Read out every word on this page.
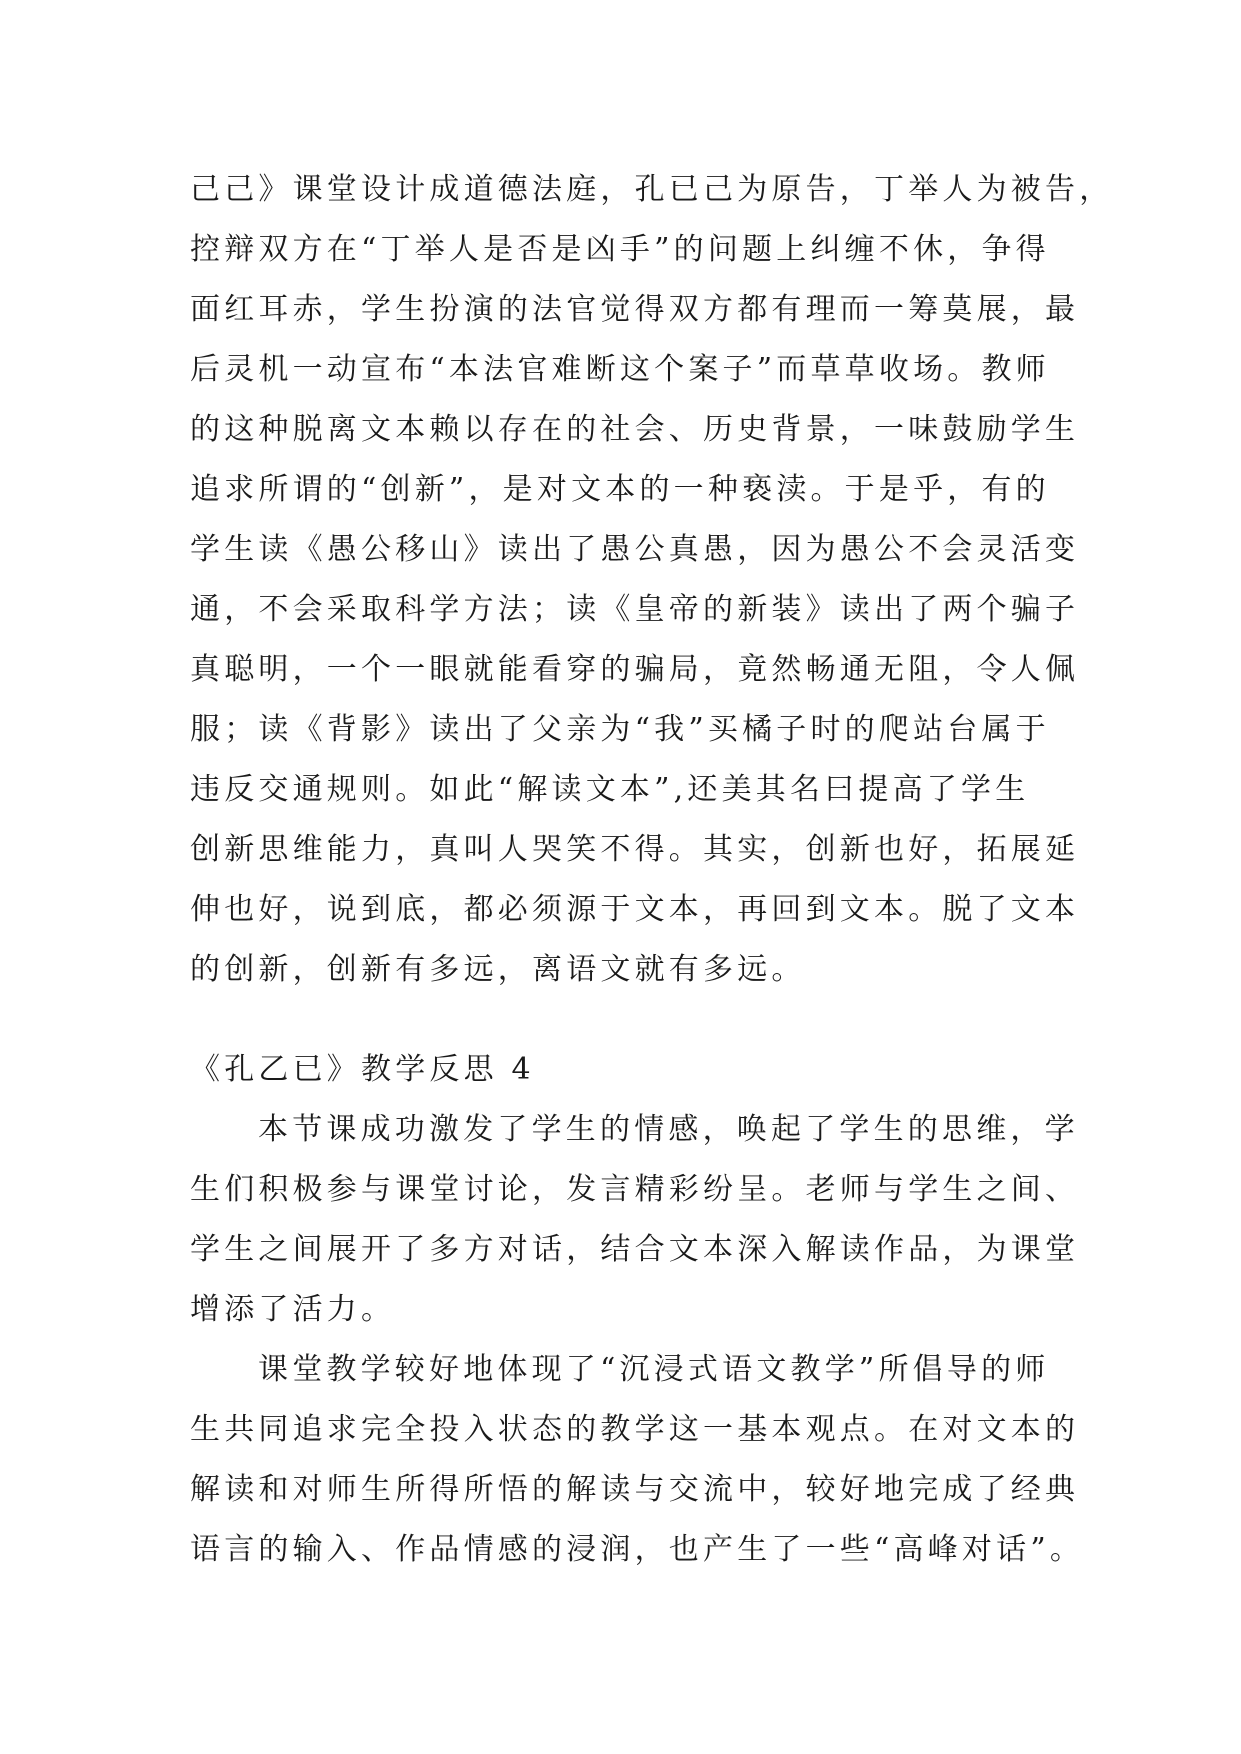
己己》课堂设计成道德法庭，孔已己为原告，丁举人为被告，
控辩双方在“丁举人是否是凶手”的问题上纠缠不休，争得
面红耳赤，学生扮演的法官觉得双方都有理而一筹莫展，最
后灵机一动宣布“本法官难断这个案子”而草草收场。教师
的这种脱离文本赖以存在的社会、历史背景，一味鼓励学生
追求所谓的“创新”，是对文本的一种亵渎。于是乎，有的
学生读《愚公移山》读出了愚公真愚，因为愚公不会灵活变
通，不会采取科学方法；读《皇帝的新装》读出了两个骗子
真聪明，一个一眼就能看穿的骗局，竟然畅通无阻，令人佩
服；读《背影》读出了父亲为“我”买橘子时的爬站台属于
违反交通规则。如此“解读文本”,还美其名曰提高了学生
创新思维能力，真叫人哭笑不得。其实，创新也好，拓展延
伸也好，说到底，都必须源于文本，再回到文本。脱了文本
的创新，创新有多远，离语文就有多远。
《孔乙已》教学反思 4
本节课成功激发了学生的情感，唤起了学生的思维，学
生们积极参与课堂讨论，发言精彩纷呈。老师与学生之间、
学生之间展开了多方对话，结合文本深入解读作品，为课堂
增添了活力。
课堂教学较好地体现了“沉浸式语文教学”所倡导的师
生共同追求完全投入状态的教学这一基本观点。在对文本的
解读和对师生所得所悟的解读与交流中，较好地完成了经典
语言的输入、作品情感的浸润，也产生了一些“高峰对话”。
